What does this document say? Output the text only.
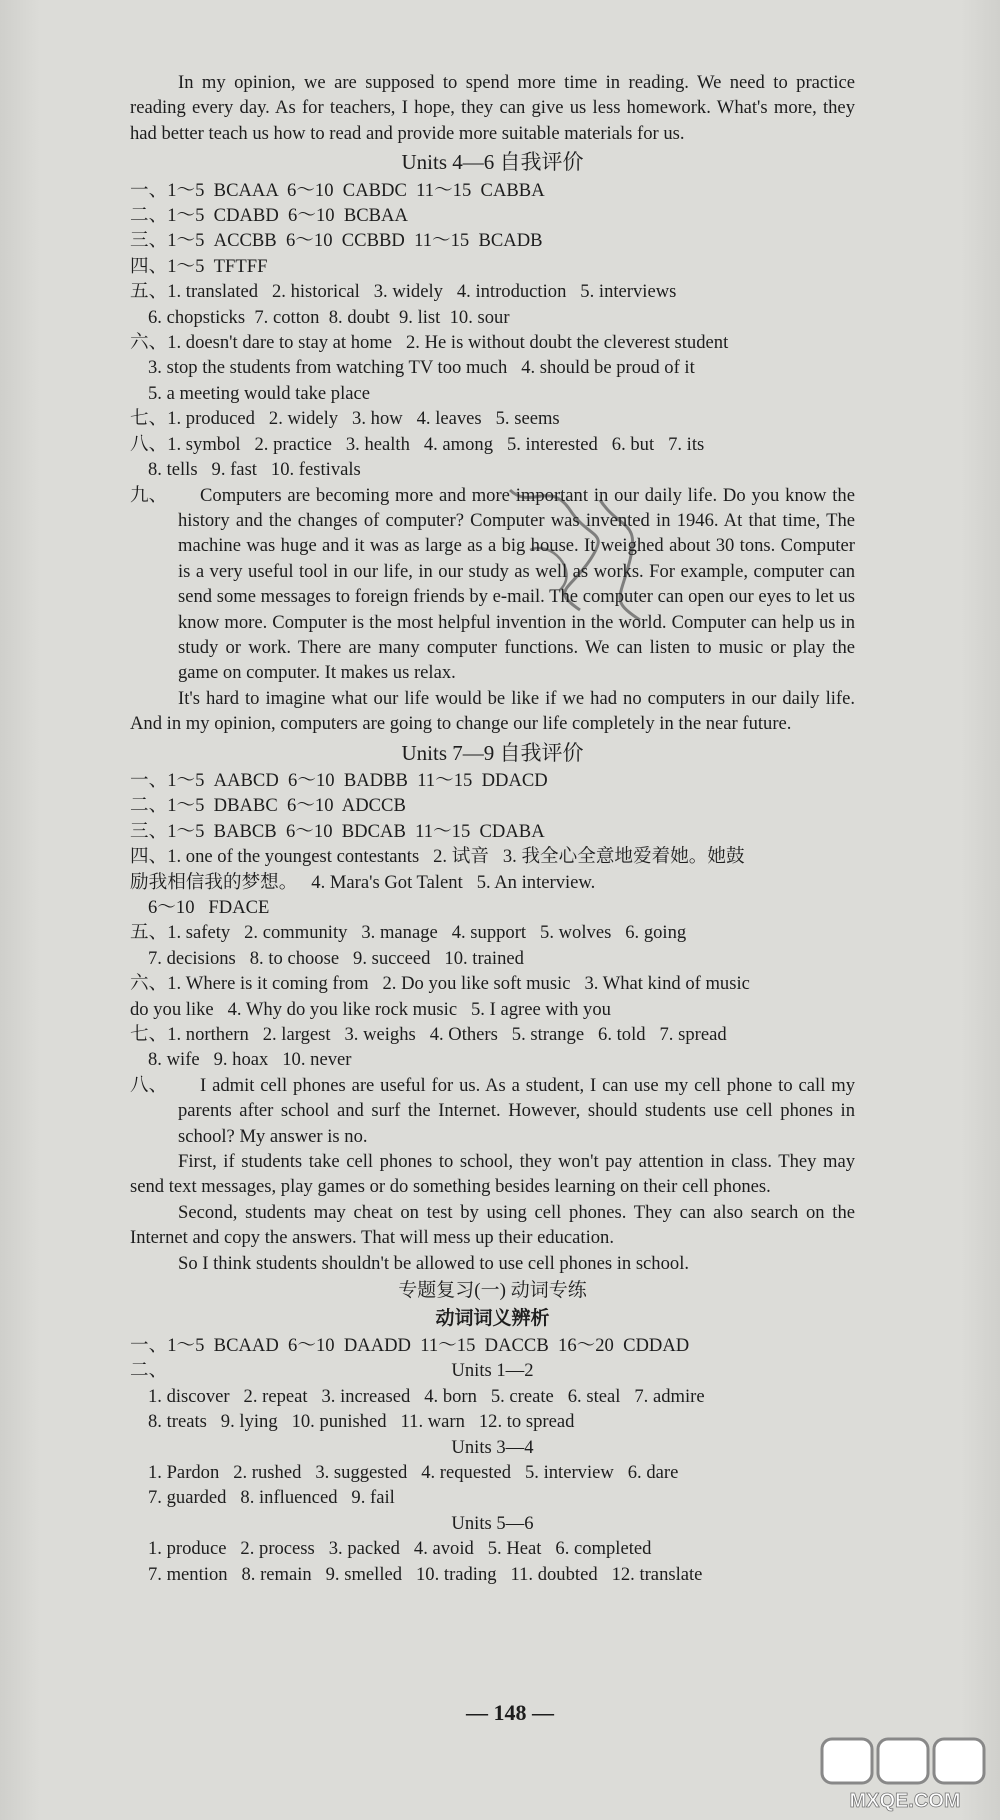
In my opinion, we are supposed to spend more time in reading. We need to practice reading every day. As for teachers, I hope, they can give us less homework. What's more, they had better teach us how to read and provide more suitable materials for us.

Units 4—6 自我评价

一、1～5  BCAAA  6～10  CABDC  11～15  CABBA

二、1～5  CDABD  6～10  BCBAA

三、1～5  ACCBB  6～10  CCBBD  11～15  BCADB

四、1～5  TFTFF

五、1. translated   2. historical   3. widely   4. introduction   5. interviews

6. chopsticks  7. cotton  8. doubt  9. list  10. sour

六、1. doesn't dare to stay at home   2. He is without doubt the cleverest student

3. stop the students from watching TV too much   4. should be proud of it

5. a meeting would take place

七、1. produced   2. widely   3. how   4. leaves   5. seems

八、1. symbol   2. practice   3. health   4. among   5. interested   6. but   7. its

8. tells   9. fast   10. festivals

九、	Computers are becoming more and more important in our daily life. Do you know the history and the changes of computer? Computer was invented in 1946. At that time, The machine was huge and it was as large as a big house. It weighed about 30 tons. Computer is a very useful tool in our life, in our study as well as works. For example, computer can send some messages to foreign friends by e-mail. The computer can open our eyes to let us know more. Computer is the most helpful invention in the world. Computer can help us in study or work. There are many computer functions. We can listen to music or play the game on computer. It makes us relax.

It's hard to imagine what our life would be like if we had no computers in our daily life. And in my opinion, computers are going to change our life completely in the near future.

Units 7—9 自我评价

一、1～5  AABCD  6～10  BADBB  11～15  DDACD

二、1～5  DBABC  6～10  ADCCB

三、1～5  BABCB  6～10  BDCAB  11～15  CDABA

四、1. one of the youngest contestants   2. 试音   3. 我全心全意地爱着她。她鼓

励我相信我的梦想。   4. Mara's Got Talent   5. An interview.

6～10   FDACE

五、1. safety   2. community   3. manage   4. support   5. wolves   6. going

7. decisions   8. to choose   9. succeed   10. trained

六、1. Where is it coming from   2. Do you like soft music   3. What kind of music

do you like   4. Why do you like rock music   5. I agree with you

七、1. northern   2. largest   3. weighs   4. Others   5. strange   6. told   7. spread

8. wife   9. hoax   10. never

八、	I admit cell phones are useful for us. As a student, I can use my cell phone to call my parents after school and surf the Internet. However, should students use cell phones in school? My answer is no.

First, if students take cell phones to school, they won't pay attention in class. They may send text messages, play games or do something besides learning on their cell phones.

Second, students may cheat on test by using cell phones. They can also search on the Internet and copy the answers. That will mess up their education.

So I think students shouldn't be allowed to use cell phones in school.

专题复习(一) 动词专练
动词词义辨析

一、1～5  BCAAD  6～10  DAADD  11～15  DACCB  16～20  CDDAD

二、	Units 1—2

1. discover   2. repeat   3. increased   4. born   5. create   6. steal   7. admire

8. treats   9. lying   10. punished   11. warn   12. to spread

Units 3—4

1. Pardon   2. rushed   3. suggested   4. requested   5. interview   6. dare

7. guarded   8. influenced   9. fail

Units 5—6

1. produce   2. process   3. packed   4. avoid   5. Heat   6. completed

7. mention   8. remain   9. smelled   10. trading   11. doubted   12. translate

— 148 —
MXQE.COM
